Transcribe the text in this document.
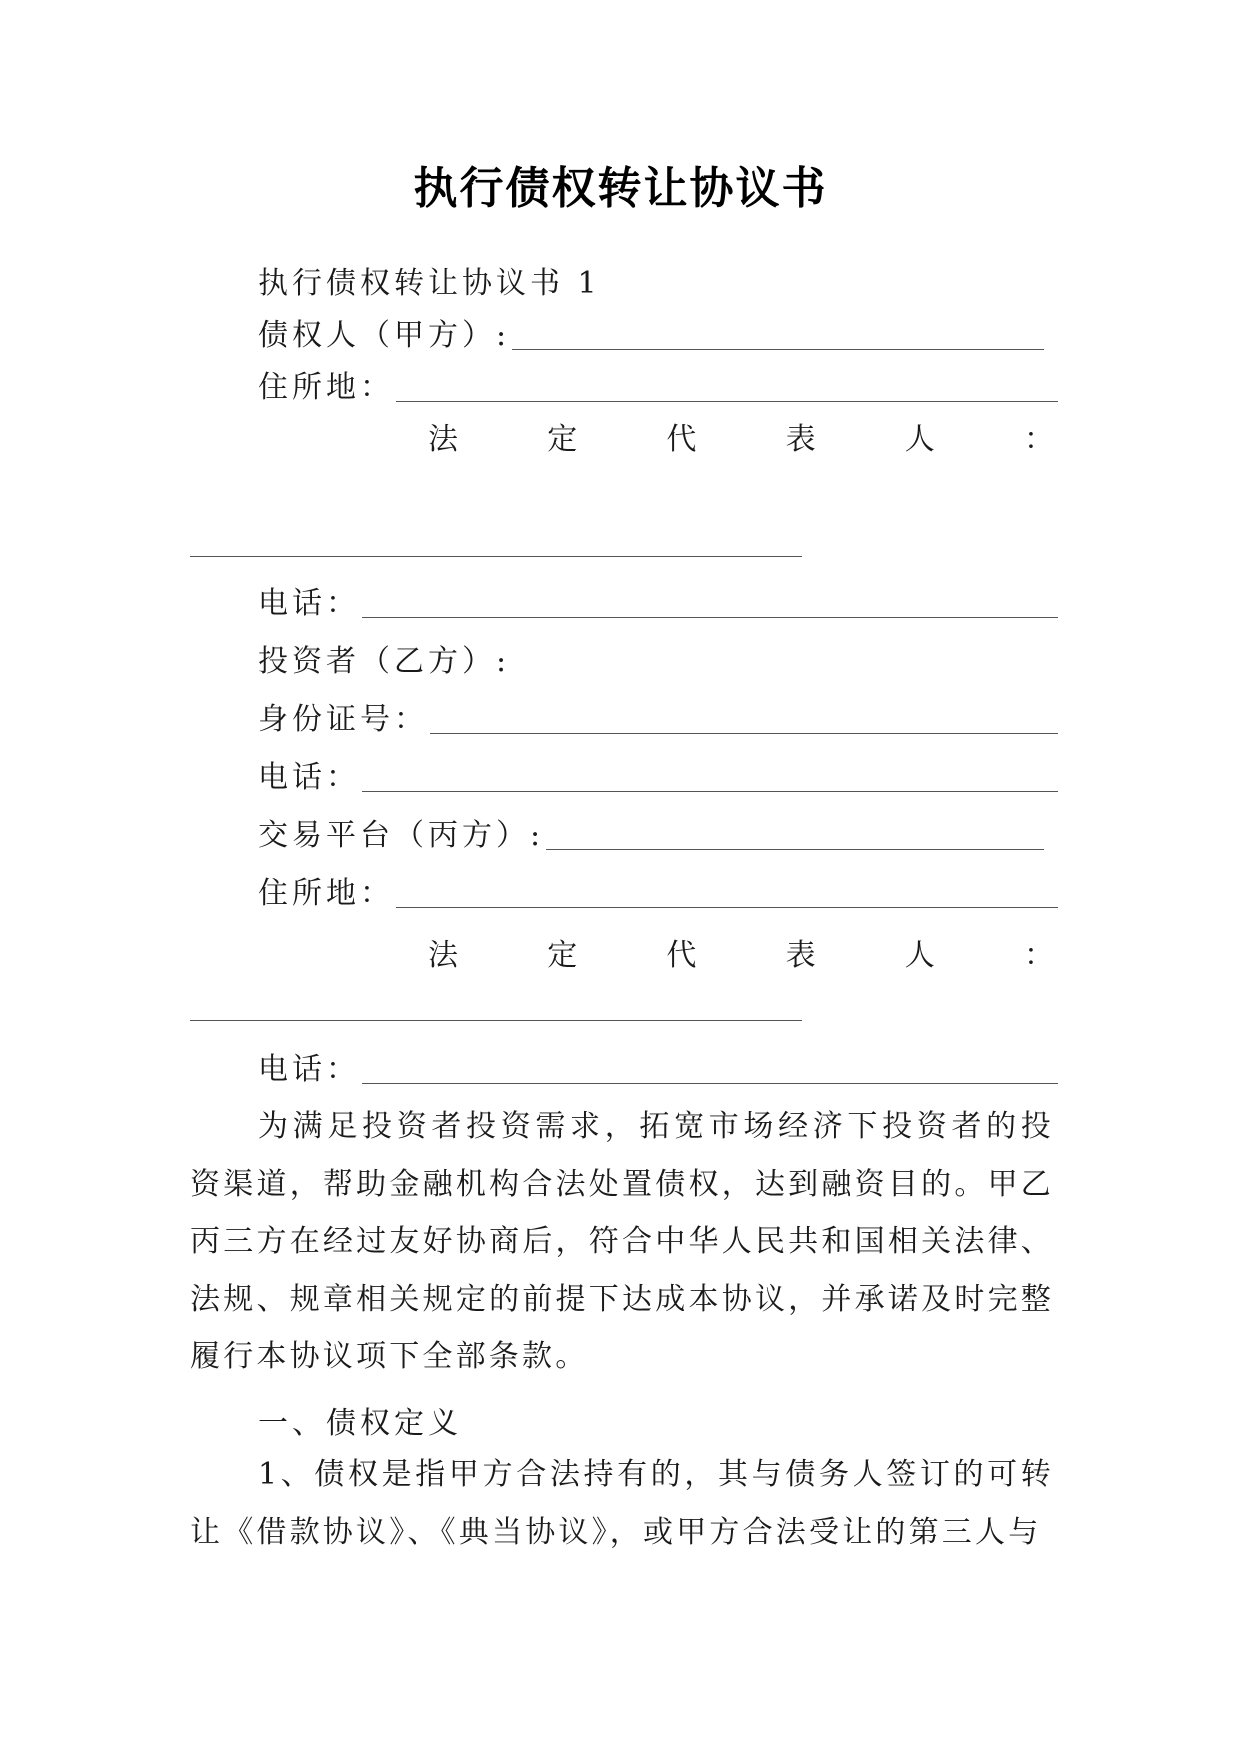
执行债权转让协议书
执行债权转让协议书 1
债权人（甲方）:
住所地：
法	定	代	表	人	：
电话：
投资者（乙方）:
身份证号：
电话：
交易平台（丙方）:
住所地：
法	定	代	表	人	：
电话：

为满足投资者投资需求，拓宽市场经济下投资者的投资渠道，帮助金融机构合法处置债权，达到融资目的。甲乙丙三方在经过友好协商后，符合中华人民共和国相关法律、法规、规章相关规定的前提下达成本协议，并承诺及时完整履行本协议项下全部条款。

一、债权定义

1、债权是指甲方合法持有的，其与债务人签订的可转让《借款协议》、《典当协议》，或甲方合法受让的第三人与
